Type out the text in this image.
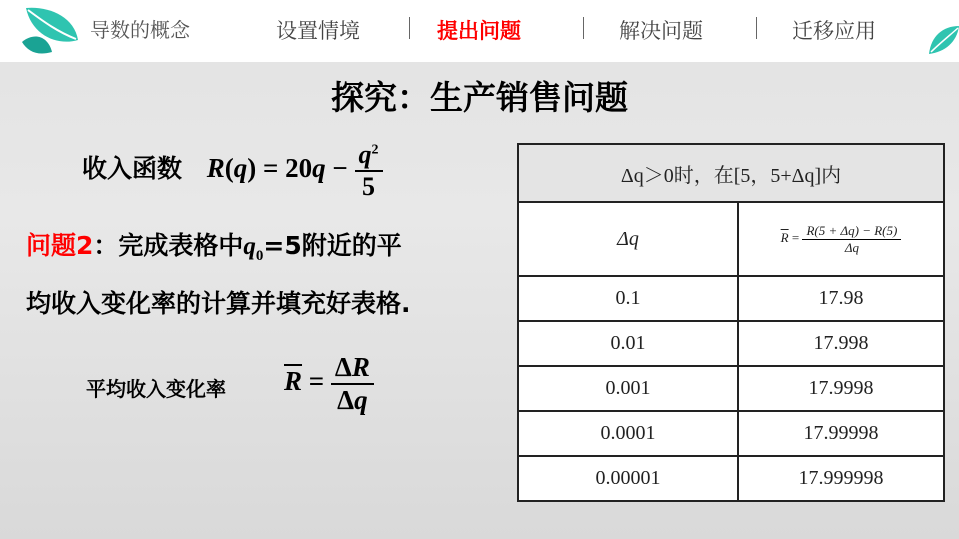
导数的概念	设置情境	提出问题	解决问题	迁移应用
探究：生产销售问题
收入函数 $R(q) = 20q - \frac{q^2}{5}$
问题2：完成表格中$q_0=5$附近的平
均收入变化率的计算并填充好表格.
平均收入变化率 $\overline{R} = \frac{\Delta R}{\Delta q}$
Δq＞0时，在[5，5+Δq]内	
Δq	$\overline{R} = \frac{R(5 + \Delta q) - R(5)}{\Delta q}$

0.1	17.98
0.01	17.998
0.001	17.9998
0.0001	17.99998
0.00001	17.999998
